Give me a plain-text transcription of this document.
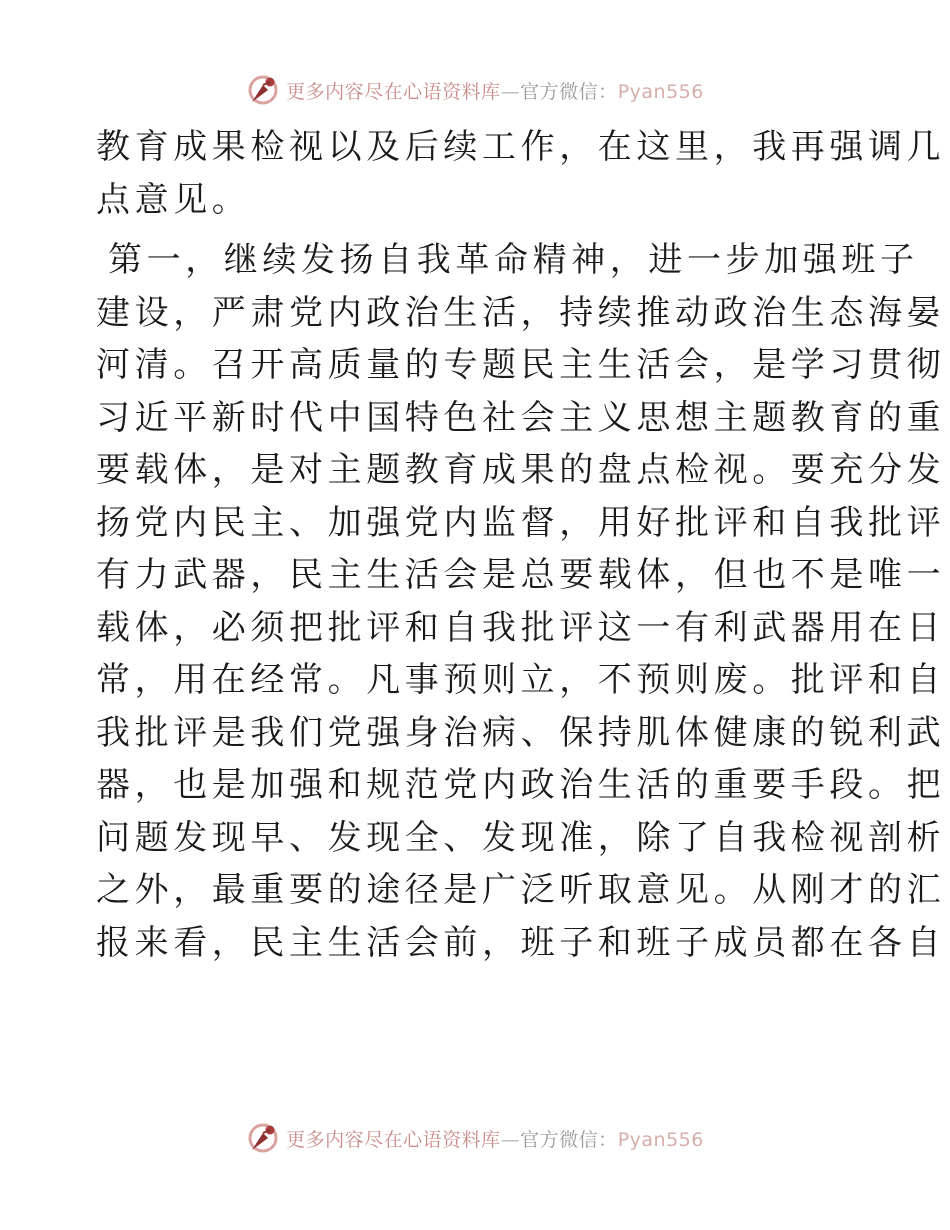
更多内容尽在心语资料库—官方微信：Pyan556

教育成果检视以及后续工作，在这里，我再强调几
点意见。

第一，继续发扬自我革命精神，进一步加强班子
建设，严肃党内政治生活，持续推动政治生态海晏
河清。召开高质量的专题民主生活会，是学习贯彻
习近平新时代中国特色社会主义思想主题教育的重
要载体，是对主题教育成果的盘点检视。要充分发
扬党内民主、加强党内监督，用好批评和自我批评
有力武器，民主生活会是总要载体，但也不是唯一
载体，必须把批评和自我批评这一有利武器用在日
常，用在经常。凡事预则立，不预则废。批评和自
我批评是我们党强身治病、保持肌体健康的锐利武
器，也是加强和规范党内政治生活的重要手段。把
问题发现早、发现全、发现准，除了自我检视剖析
之外，最重要的途径是广泛听取意见。从刚才的汇
报来看，民主生活会前，班子和班子成员都在各自

更多内容尽在心语资料库—官方微信：Pyan556
